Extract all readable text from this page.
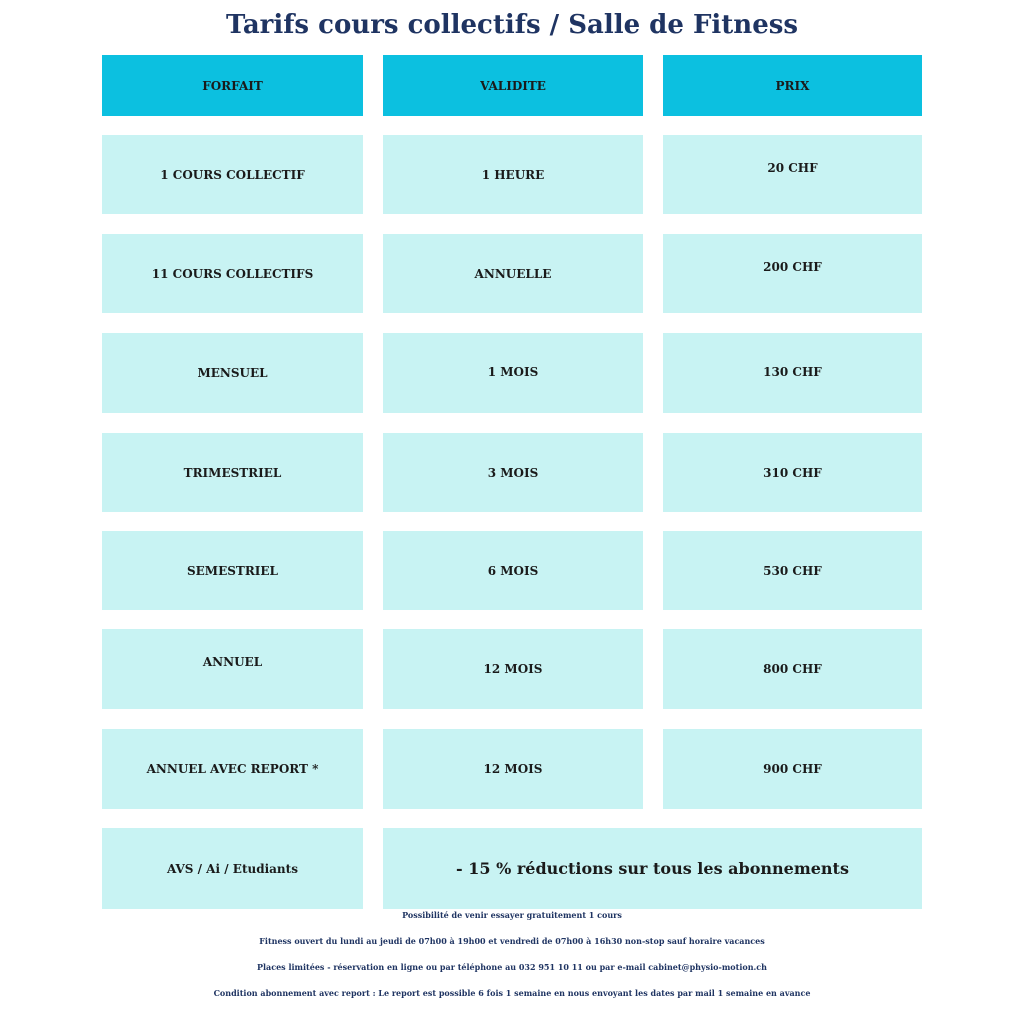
Tarifs cours collectifs / Salle de Fitness
FORFAIT	VALIDITE	PRIX
1 COURS COLLECTIF	1 HEURE	20 CHF
11 COURS COLLECTIFS	ANNUELLE	200 CHF
MENSUEL	1 MOIS	130 CHF
TRIMESTRIEL	3 MOIS	310 CHF
SEMESTRIEL	6 MOIS	530 CHF
ANNUEL	12 MOIS	800 CHF
ANNUEL AVEC REPORT *	12 MOIS	900 CHF
AVS / Ai / Etudiants	- 15 % réductions sur tous les abonnements
Possibilité de venir essayer gratuitement 1 cours
Fitness ouvert du lundi au jeudi de 07h00 à 19h00 et vendredi de 07h00 à 16h30 non-stop sauf horaire vacances
Places limitées - réservation en ligne ou par téléphone au 032 951 10 11 ou par e-mail cabinet@physio-motion.ch
Condition abonnement avec report : Le report est possible 6 fois 1 semaine en nous envoyant les dates par mail 1 semaine en avance
